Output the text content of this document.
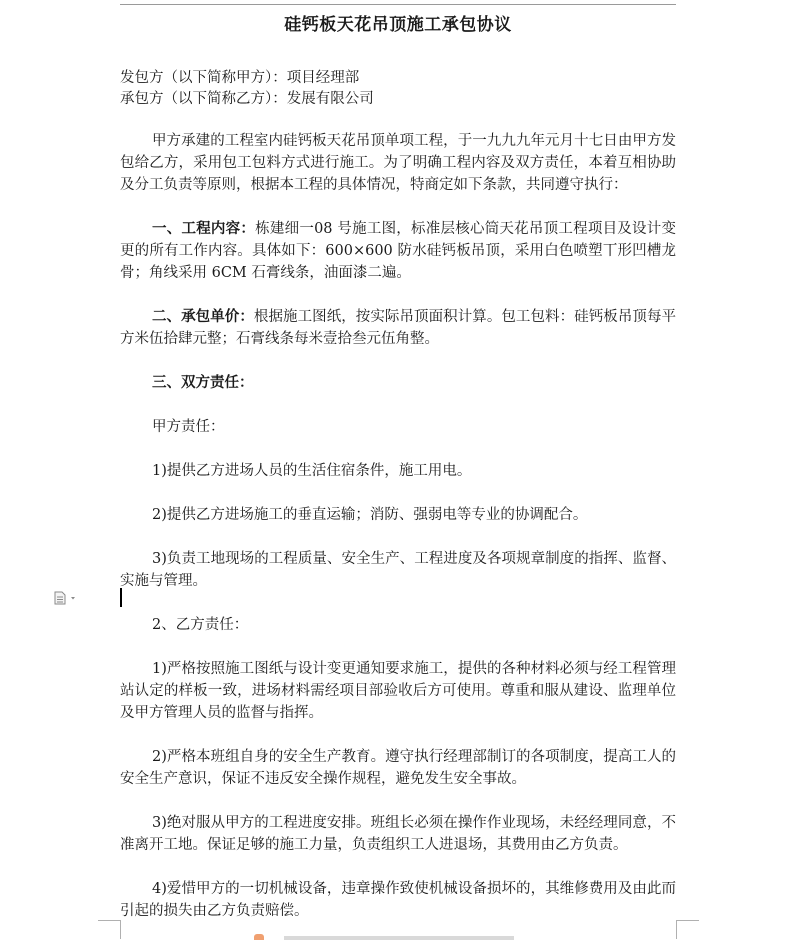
硅钙板天花吊顶施工承包协议

发包方（以下简称甲方）：项目经理部

承包方（以下简称乙方）：发展有限公司

甲方承建的工程室内硅钙板天花吊顶单项工程，于一九九九年元月十七日由甲方发包给乙方，采用包工包料方式进行施工。为了明确工程内容及双方责任，本着互相协助及分工负责等原则，根据本工程的具体情况，特商定如下条款，共同遵守执行：

一、工程内容：栋建细一08 号施工图，标准层核心筒天花吊顶工程项目及设计变更的所有工作内容。具体如下：600×600 防水硅钙板吊顶，采用白色喷塑丅形凹槽龙骨；角线采用 6CM 石膏线条，油面漆二遍。

二、承包单价：根据施工图纸，按实际吊顶面积计算。包工包料：硅钙板吊顶每平方米伍拾肆元整；石膏线条每米壹拾叁元伍角整。

三、双方责任：

甲方责任：

1)提供乙方进场人员的生活住宿条件，施工用电。

2)提供乙方进场施工的垂直运输；消防、强弱电等专业的协调配合。

3)负责工地现场的工程质量、安全生产、工程进度及各项规章制度的指挥、监督、实施与管理。

2、乙方责任：

1)严格按照施工图纸与设计变更通知要求施工，提供的各种材料必须与经工程管理站认定的样板一致，进场材料需经项目部验收后方可使用。尊重和服从建设、监理单位及甲方管理人员的监督与指挥。

2)严格本班组自身的安全生产教育。遵守执行经理部制订的各项制度，提高工人的安全生产意识，保证不违反安全操作规程，避免发生安全事故。

3)绝对服从甲方的工程进度安排。班组长必须在操作作业现场，未经经理同意，不准离开工地。保证足够的施工力量，负责组织工人进退场，其费用由乙方负责。

4)爱惜甲方的一切机械设备，违章操作致使机械设备损坏的，其维修费用及由此而引起的损失由乙方负责赔偿。
